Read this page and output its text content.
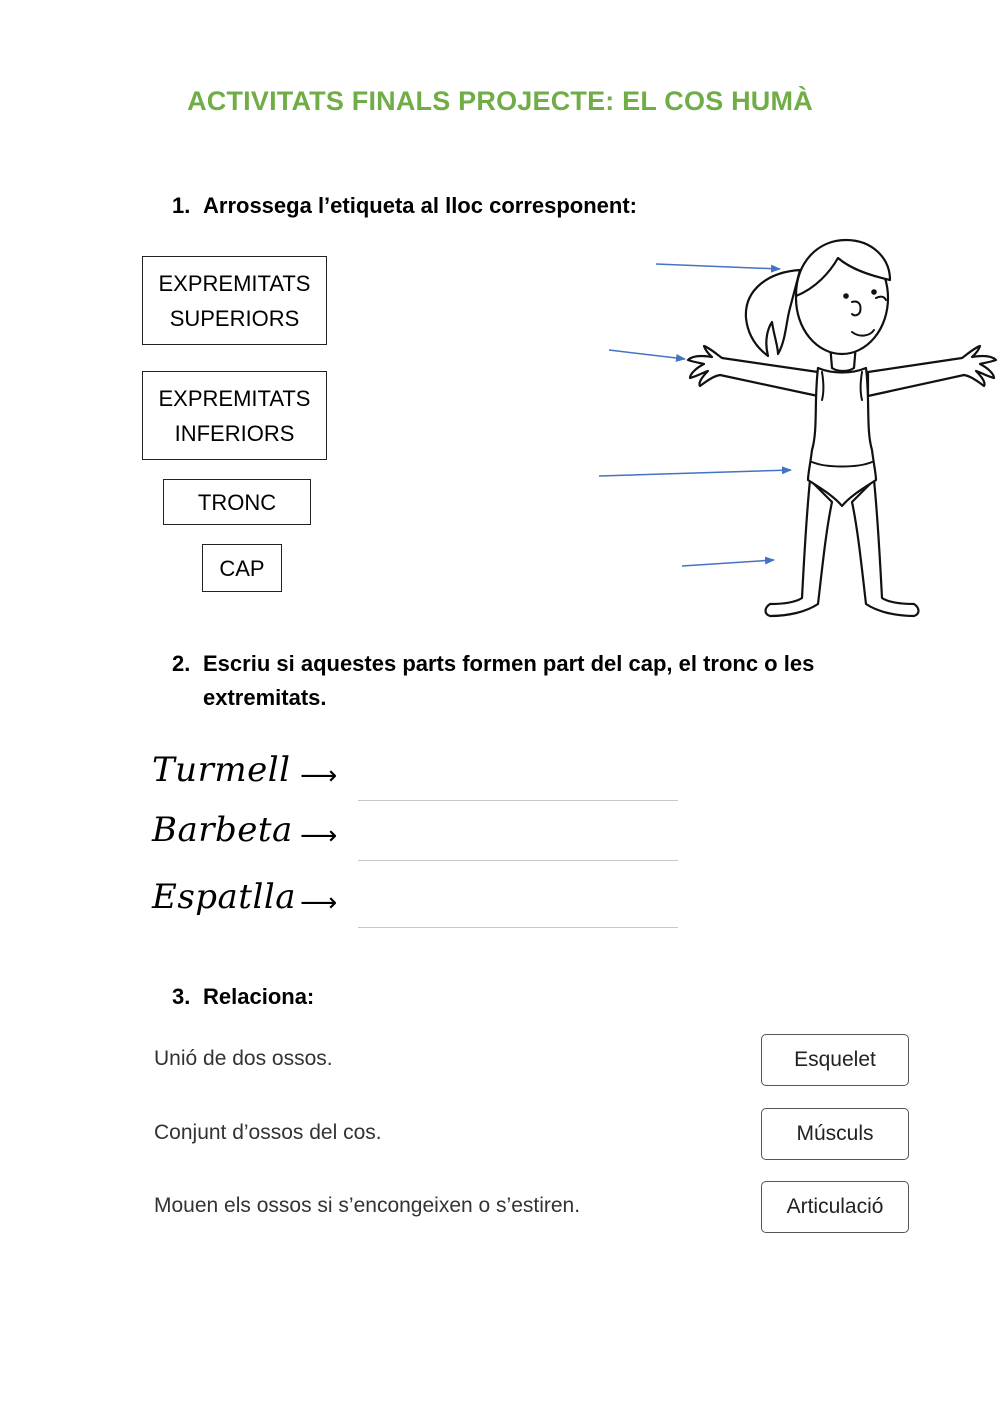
ACTIVITATS FINALS PROJECTE: EL COS HUMÀ
1. Arrossega l’etiqueta al lloc corresponent:
EXPREMITATS
SUPERIORS
EXPREMITATS
INFERIORS
TRONC
CAP
2. Escriu si aquestes parts formen part del cap, el tronc o les
extremitats.
Turmell ⟶
Barbeta ⟶
Espatlla ⟶
3. Relaciona:
Unió de dos ossos.
Conjunt d’ossos del cos.
Mouen els ossos si s’encongeixen o s’estiren.
Esquelet
Músculs
Articulació
